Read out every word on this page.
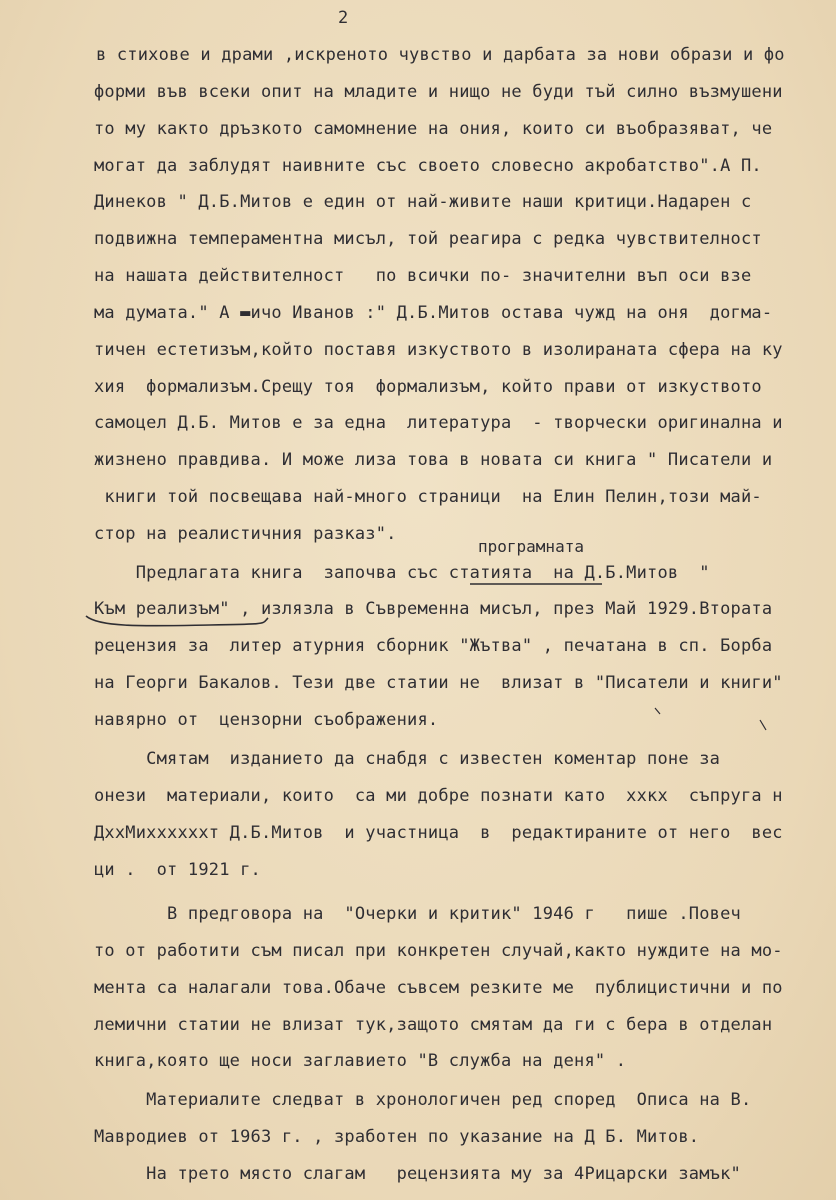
2
в стихове и драми ,искреното чувство и дарбата за нови образи и фо
форми във всеки опит на младите и нищо не буди тъй силно възмушени
то му както дръзкото самомнение на ония, които си въобразяват, че
могат да заблудят наивните със своето словесно акробатство".А П.
Динеков " Д.Б.Митов е един от най-живите наши критици.Надарен с
подвижна темпераментна мисъл, той реагира с редка чувствителност
на нашата действителност   по всички по- значителни въп оси взе
ма думата." А ▬ичо Иванов :" Д.Б.Митов остава чужд на оня  догма-
тичен естетизъм,който поставя изкуството в изолираната сфера на ку
хия  формализъм.Срещу тоя  формализъм, който прави от изкуството
самоцел Д.Б. Митов е за една  литература  - творчески оригинална и
жизнено правдива. И може лиза това в новата си книга " Писатели и
книги той посвещава най-много страници  на Елин Пелин,този май-
стор на реалистичния разказ".
програмната
Предлагата книга  започва със статията  на Д.Б.Митов  "
Към реализъм" , излязла в Съвременна мисъл, през Май 1929.Втората
рецензия за  литер атурния сборник "Жътва" , печатана в сп. Борба
на Георги Бакалов. Тези две статии не  влизат в "Писатели и книги"
навярно от  цензорни съображения.
Смятам  изданието да снабдя с известен коментар поне за
онези  материали, които  са ми добре познати като  ххкх  съпруга н
ДххМиххххххт Д.Б.Митов  и участница  в  редактираните от него  вес
ци .  от 1921 г.
В предговора на  "Очерки и критик" 1946 г   пише .Повеч
то от работити съм писал при конкретен случай,както нуждите на мо-
мента са налагали това.Обаче съвсем резките ме  публицистични и по
лемични статии не влизат тук,защото смятам да ги с бера в отделан
книга,която ще носи заглавието "В служба на деня" .
Материалите следват в хронологичен ред според  Описа на В.
Мавродиев от 1963 г. , зработен по указание на Д Б. Митов.
На трето място слагам   рецензията му за 4Рицарски замък"
